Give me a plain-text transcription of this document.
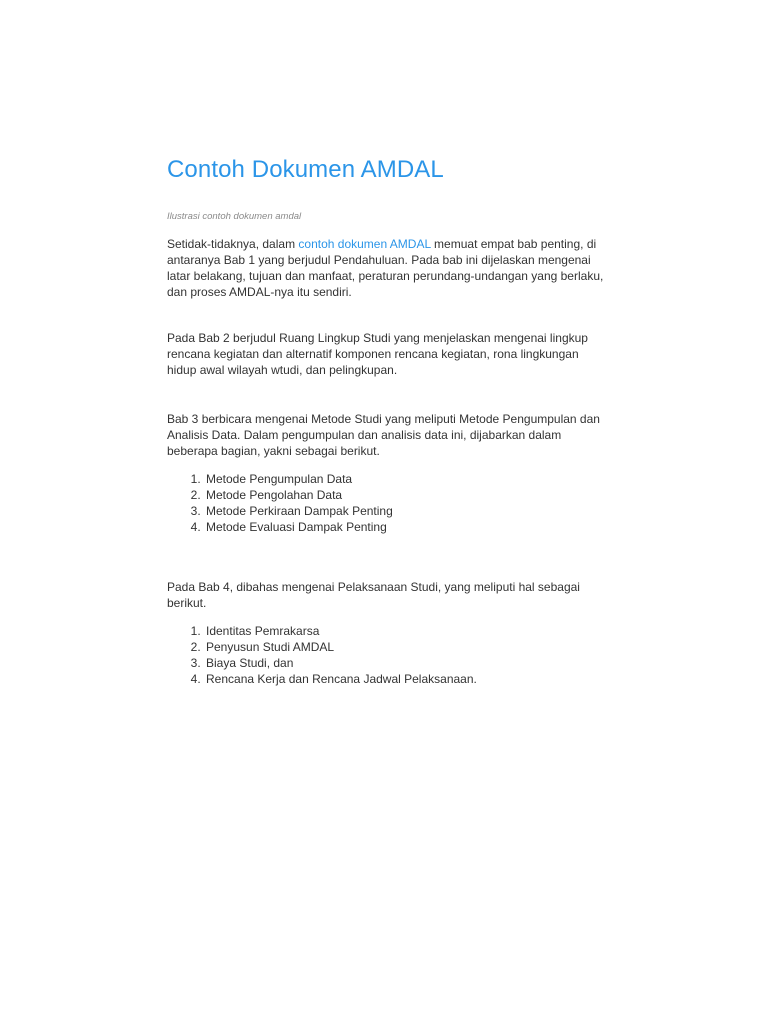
Contoh Dokumen AMDAL

Ilustrasi contoh dokumen amdal

Setidak-tidaknya, dalam contoh dokumen AMDAL memuat empat bab penting, di antaranya Bab 1 yang berjudul Pendahuluan. Pada bab ini dijelaskan mengenai latar belakang, tujuan dan manfaat, peraturan perundang-undangan yang berlaku, dan proses AMDAL-nya itu sendiri.

Pada Bab 2 berjudul Ruang Lingkup Studi yang menjelaskan mengenai lingkup rencana kegiatan dan alternatif komponen rencana kegiatan, rona lingkungan hidup awal wilayah wtudi, dan pelingkupan.

Bab 3 berbicara mengenai Metode Studi yang meliputi Metode Pengumpulan dan Analisis Data. Dalam pengumpulan dan analisis data ini, dijabarkan dalam beberapa bagian, yakni sebagai berikut.

1. Metode Pengumpulan Data
2. Metode Pengolahan Data
3. Metode Perkiraan Dampak Penting
4. Metode Evaluasi Dampak Penting

Pada Bab 4, dibahas mengenai Pelaksanaan Studi, yang meliputi hal sebagai berikut.

1. Identitas Pemrakarsa
2. Penyusun Studi AMDAL
3. Biaya Studi, dan
4. Rencana Kerja dan Rencana Jadwal Pelaksanaan.
